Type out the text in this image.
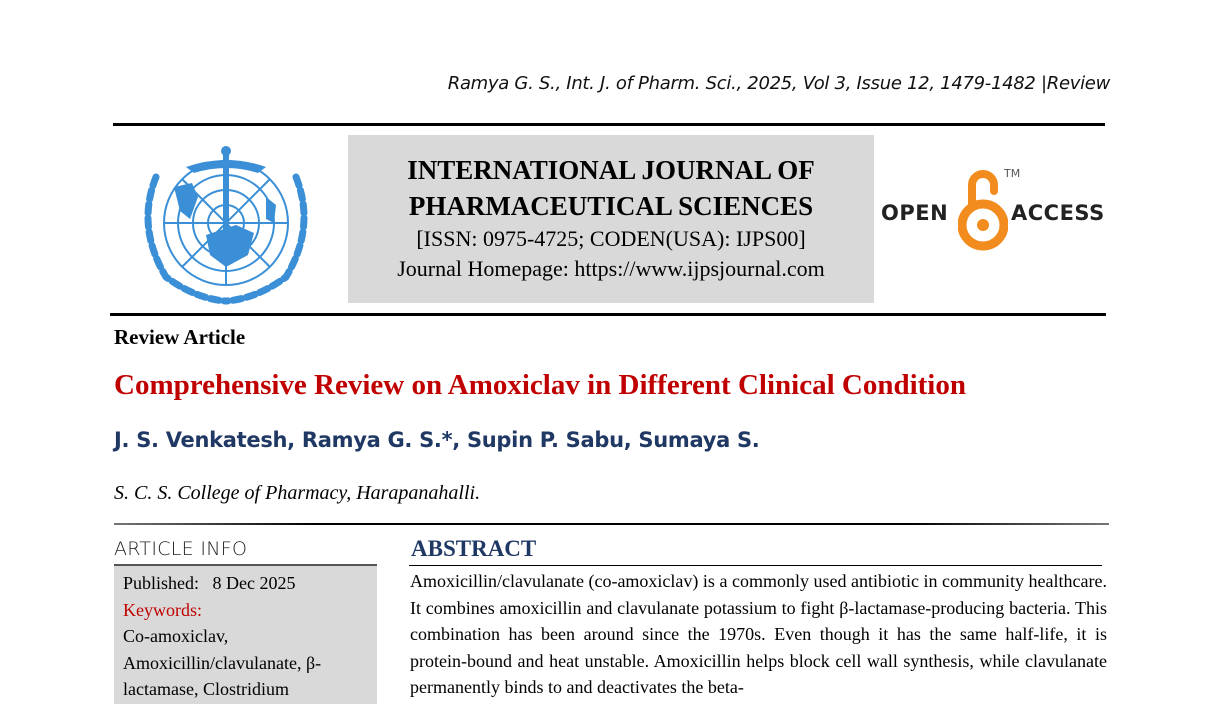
Ramya G. S., Int. J. of Pharm. Sci., 2025, Vol 3, Issue 12, 1479-1482 |Review
INTERNATIONAL JOURNAL OF
PHARMACEUTICAL SCIENCES
[ISSN: 0975-4725; CODEN(USA): IJPS00]
Journal Homepage: https://www.ijpsjournal.com
OPEN
TM
ACCESS
Review Article
Comprehensive Review on Amoxiclav in Different Clinical Condition
J. S. Venkatesh, Ramya G. S.*, Supin P. Sabu, Sumaya S.
S. C. S. College of Pharmacy, Harapanahalli.
ARTICLE INFO
Published: 8 Dec 2025
Keywords:
Co-amoxiclav,
Amoxicillin/clavulanate, β-
lactamase, Clostridium
ABSTRACT
Amoxicillin/clavulanate (co-amoxiclav) is a commonly used antibiotic in community healthcare. It combines amoxicillin and clavulanate potassium to fight β-lactamase-producing bacteria. This combination has been around since the 1970s. Even though it has the same half-life, it is protein-bound and heat unstable. Amoxicillin helps block cell wall synthesis, while clavulanate permanently binds to and deactivates the beta-
